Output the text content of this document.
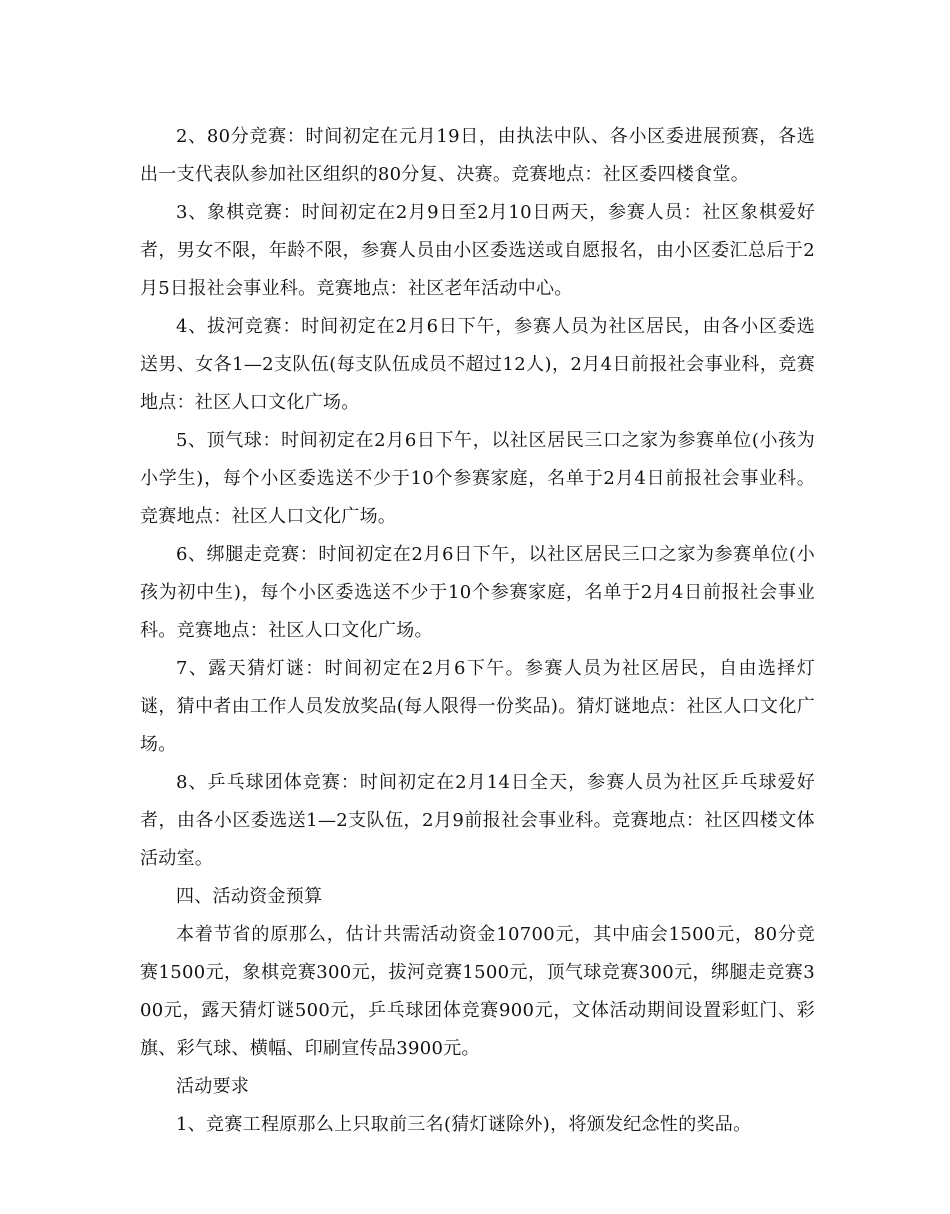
2、80分竞赛：时间初定在元月19日，由执法中队、各小区委进展预赛，各选出一支代表队参加社区组织的80分复、决赛。竞赛地点：社区委四楼食堂。

3、象棋竞赛：时间初定在2月9日至2月10日两天，参赛人员：社区象棋爱好者，男女不限，年龄不限，参赛人员由小区委选送或自愿报名，由小区委汇总后于2月5日报社会事业科。竞赛地点：社区老年活动中心。

4、拔河竞赛：时间初定在2月6日下午，参赛人员为社区居民，由各小区委选送男、女各1—2支队伍(每支队伍成员不超过12人)，2月4日前报社会事业科，竞赛地点：社区人口文化广场。

5、顶气球：时间初定在2月6日下午，以社区居民三口之家为参赛单位(小孩为小学生)，每个小区委选送不少于10个参赛家庭，名单于2月4日前报社会事业科。竞赛地点：社区人口文化广场。

6、绑腿走竞赛：时间初定在2月6日下午，以社区居民三口之家为参赛单位(小孩为初中生)，每个小区委选送不少于10个参赛家庭，名单于2月4日前报社会事业科。竞赛地点：社区人口文化广场。

7、露天猜灯谜：时间初定在2月6下午。参赛人员为社区居民，自由选择灯谜，猜中者由工作人员发放奖品(每人限得一份奖品)。猜灯谜地点：社区人口文化广场。

8、乒乓球团体竞赛：时间初定在2月14日全天，参赛人员为社区乒乓球爱好者，由各小区委选送1—2支队伍，2月9前报社会事业科。竞赛地点：社区四楼文体活动室。

四、活动资金预算

本着节省的原那么，估计共需活动资金10700元，其中庙会1500元，80分竞赛1500元，象棋竞赛300元，拔河竞赛1500元，顶气球竞赛300元，绑腿走竞赛300元，露天猜灯谜500元，乒乓球团体竞赛900元，文体活动期间设置彩虹门、彩旗、彩气球、横幅、印刷宣传品3900元。

活动要求

1、竞赛工程原那么上只取前三名(猜灯谜除外)，将颁发纪念性的奖品。
